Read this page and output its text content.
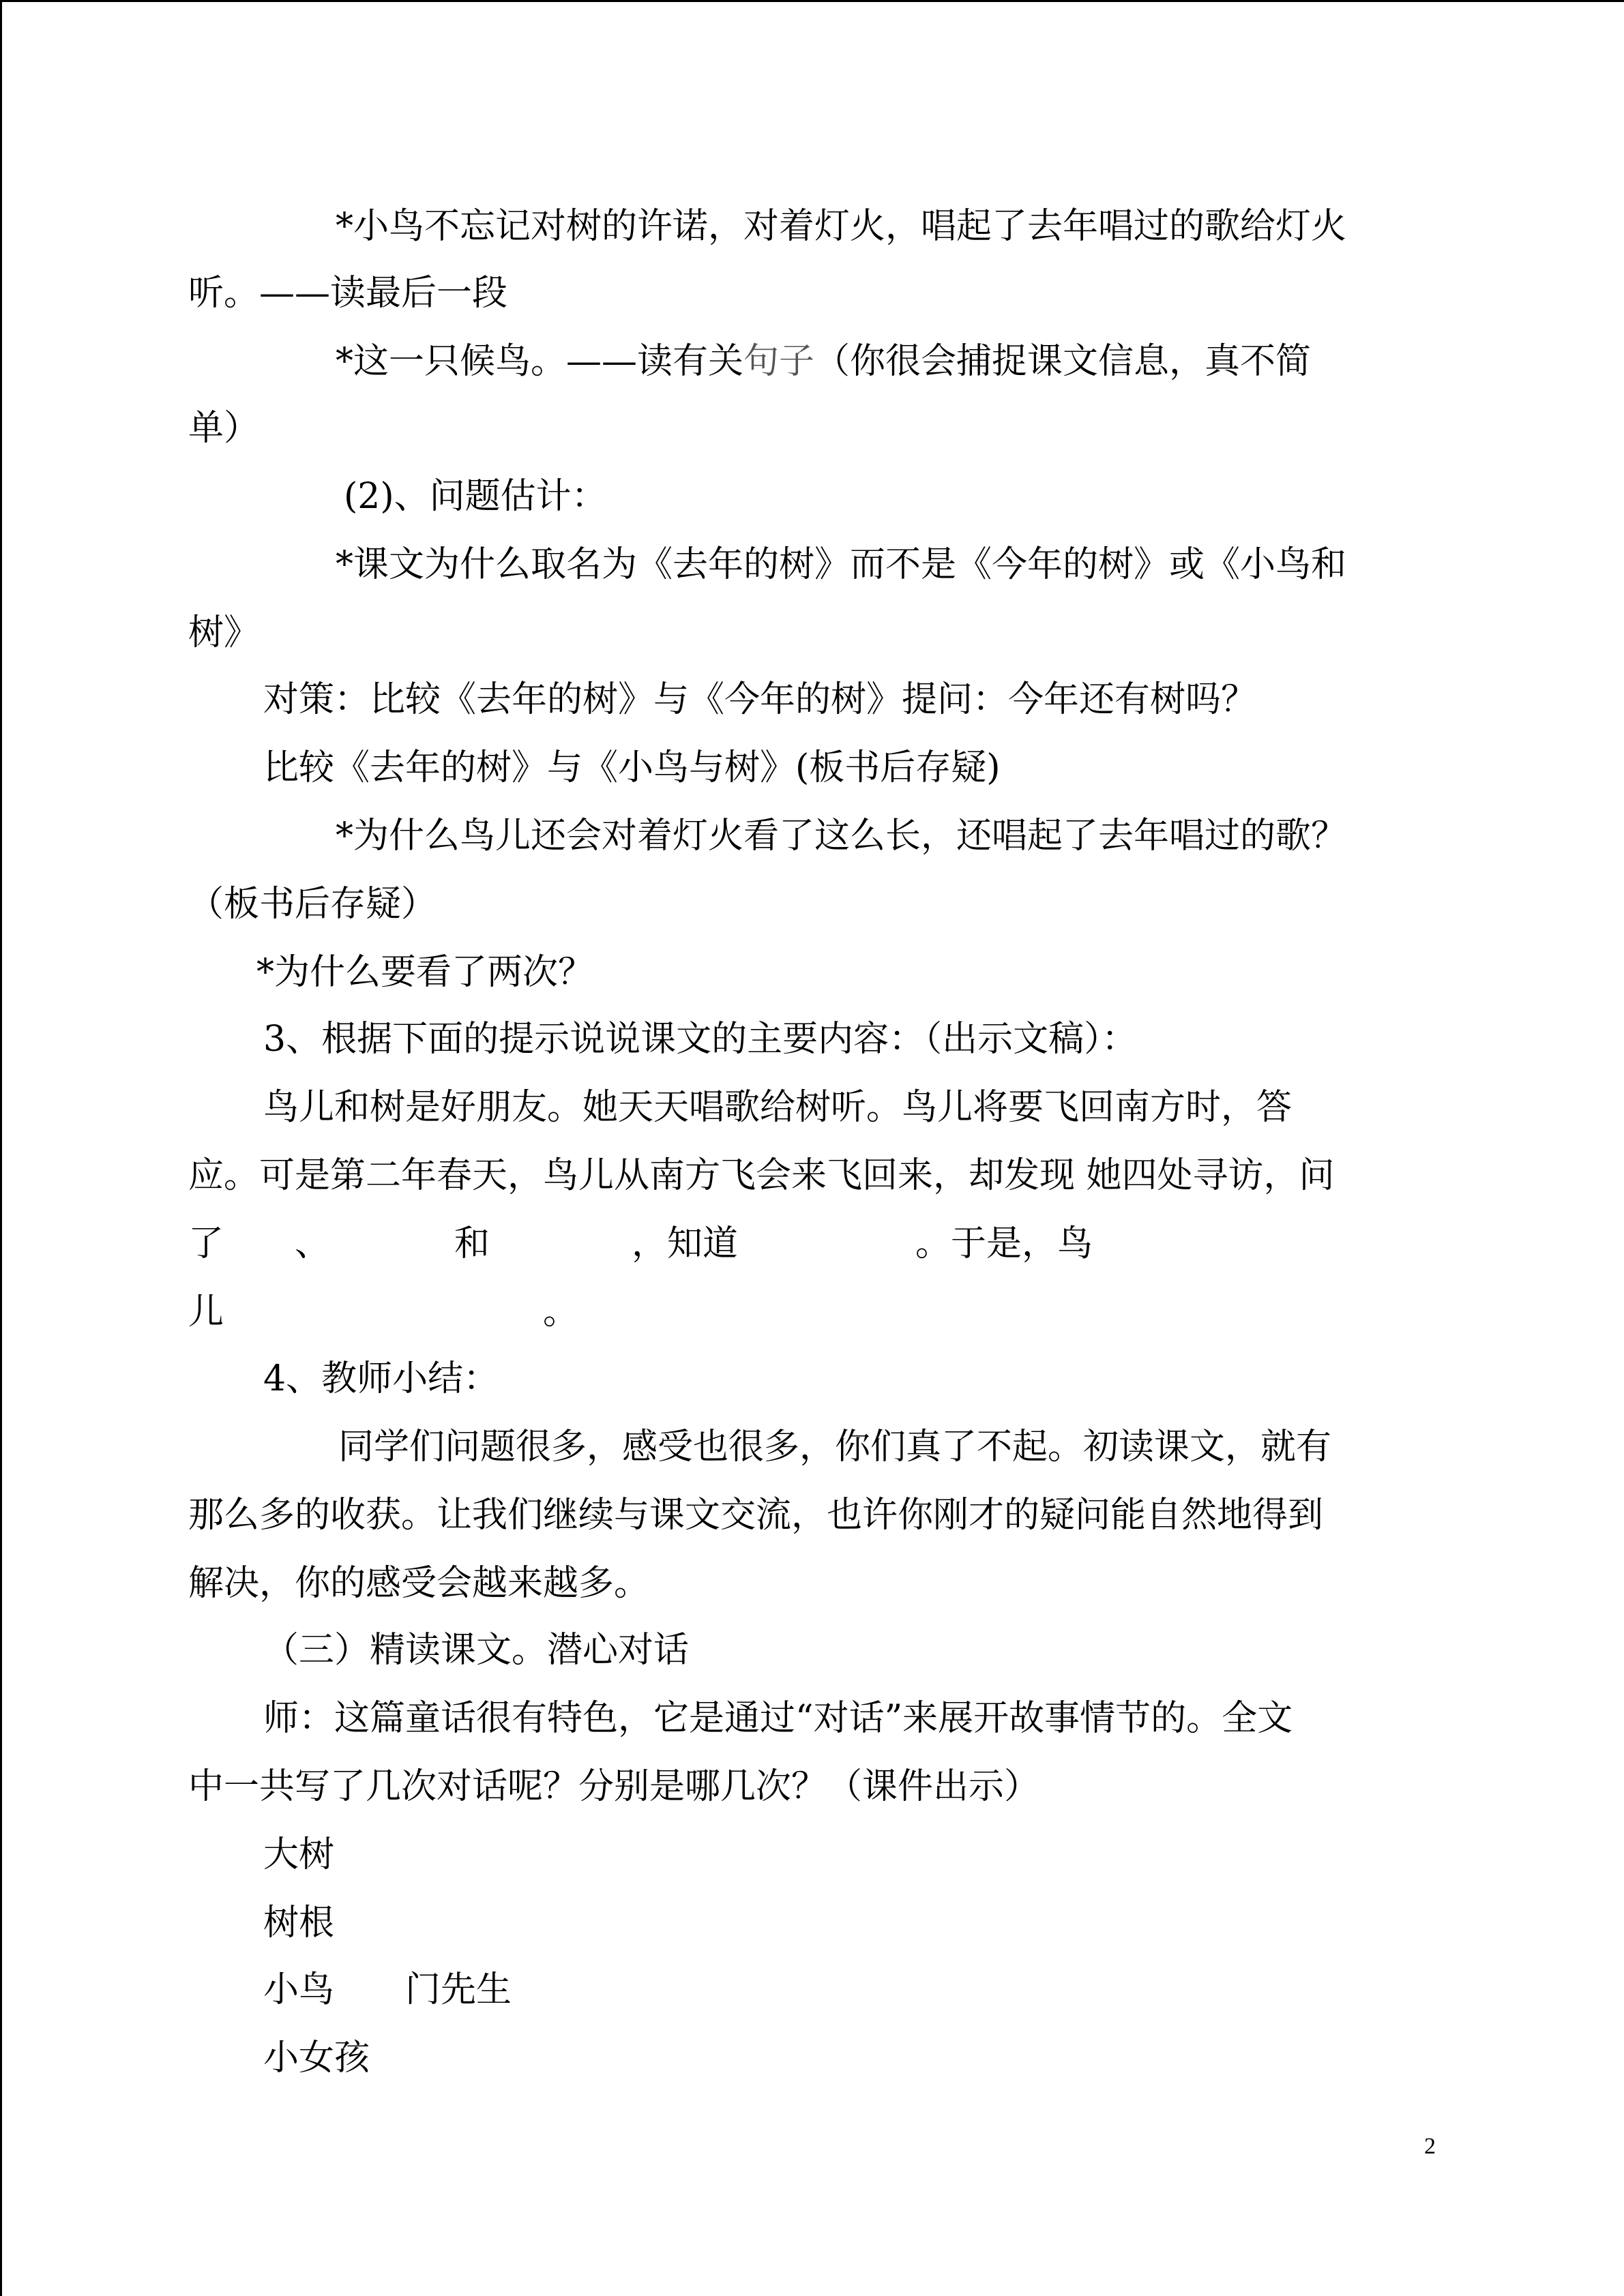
*小鸟不忘记对树的许诺，对着灯火，唱起了去年唱过的歌给灯火
听。——读最后一段
*这一只候鸟。——读有关句子（你很会捕捉课文信息，真不简
单）
(2)、问题估计：
*课文为什么取名为《去年的树》而不是《今年的树》或《小鸟和
树》
对策：比较《去年的树》与《今年的树》提问：今年还有树吗？
比较《去年的树》与《小鸟与树》(板书后存疑)
*为什么鸟儿还会对着灯火看了这么长，还唱起了去年唱过的歌？
（板书后存疑）
*为什么要看了两次？
3、根据下面的提示说说课文的主要内容：（出示文稿）：
鸟儿和树是好朋友。她天天唱歌给树听。鸟儿将要飞回南方时，答
应。可是第二年春天，鸟儿从南方飞会来飞回来，却发现 她四处寻访，问
了　　、　　　　和　　　　，知道　　　　　。于是，鸟
儿　　　　　　　　　。
4、教师小结：
同学们问题很多，感受也很多，你们真了不起。初读课文，就有
那么多的收获。让我们继续与课文交流，也许你刚才的疑问能自然地得到
解决，你的感受会越来越多。
（三）精读课文。潜心对话
师：这篇童话很有特色，它是通过“对话”来展开故事情节的。全文
中一共写了几次对话呢？分别是哪几次？（课件出示）
大树
树根
小鸟　　门先生
小女孩
2
